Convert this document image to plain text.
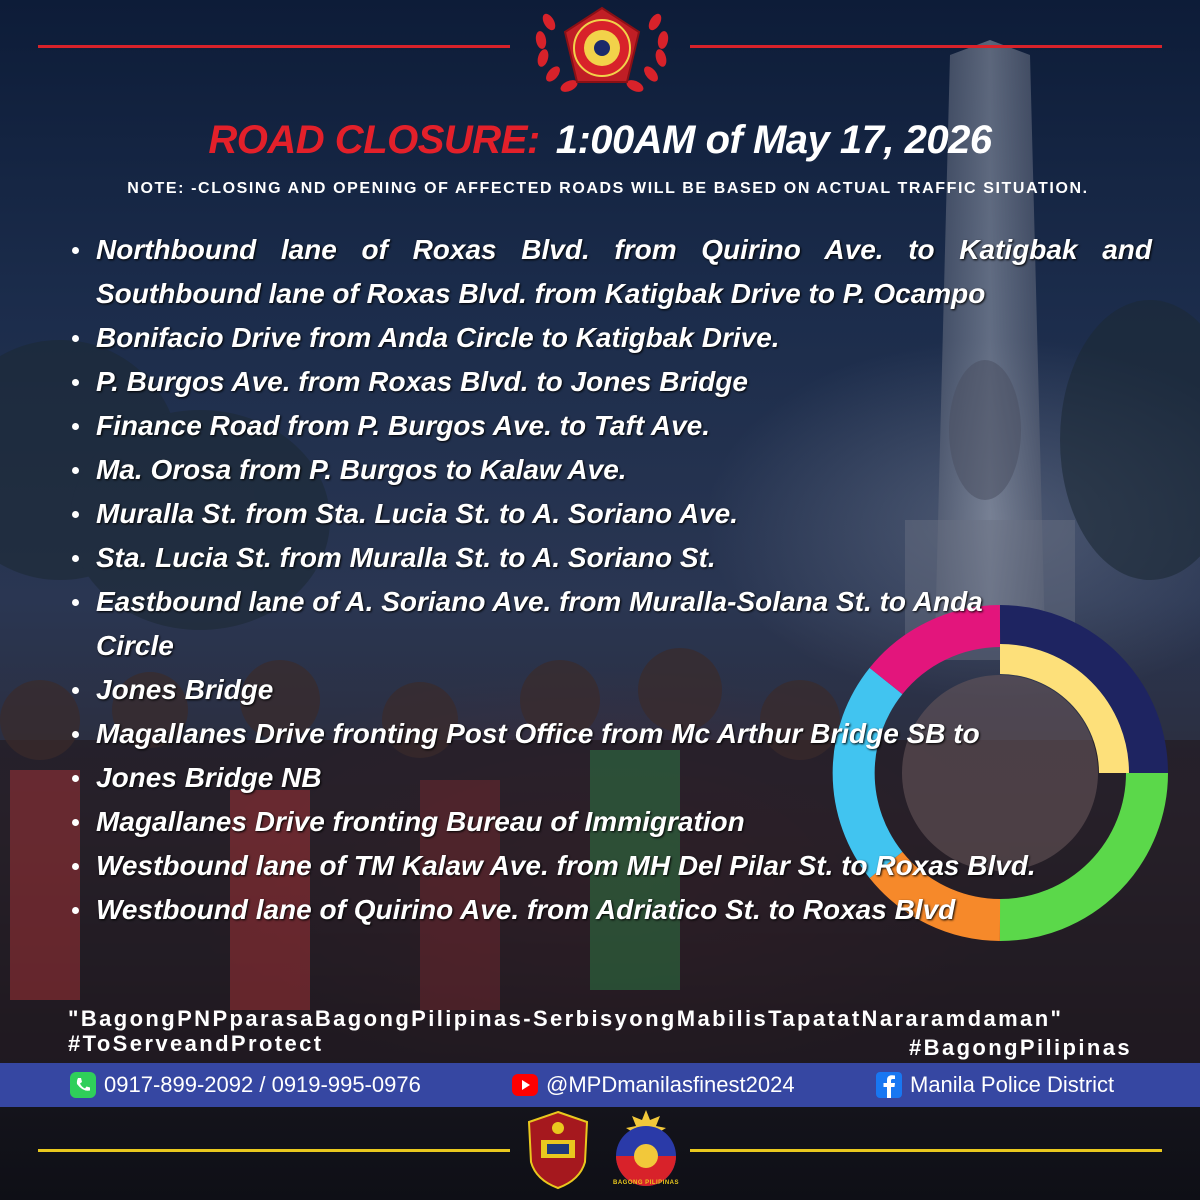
ROAD CLOSURE: 1:00AM of May 17, 2026
NOTE: -CLOSING AND OPENING OF AFFECTED ROADS WILL BE BASED ON ACTUAL TRAFFIC SITUATION.
Northbound lane of Roxas Blvd. from Quirino Ave. to Katigbak and Southbound lane of Roxas Blvd. from Katigbak Drive to P. Ocampo
Bonifacio Drive from Anda Circle to Katigbak Drive.
P. Burgos Ave. from Roxas Blvd. to Jones Bridge
Finance Road from P. Burgos Ave. to Taft Ave.
Ma. Orosa from P. Burgos to Kalaw Ave.
Muralla St. from Sta. Lucia St. to A. Soriano Ave.
Sta. Lucia St. from Muralla St. to A. Soriano St.
Eastbound lane of A. Soriano Ave. from Muralla-Solana St. to Anda Circle
Jones Bridge
Magallanes Drive fronting Post Office from Mc Arthur Bridge SB to
Jones Bridge NB
Magallanes Drive fronting Bureau of Immigration
Westbound lane of TM Kalaw Ave. from MH Del Pilar St. to Roxas Blvd.
Westbound lane of Quirino Ave. from Adriatico St. to Roxas Blvd
"BagongPNPparasaBagongPilipinas-SerbisyongMabilisTapatatNararamdaman"
#ToServeandProtect	#BagongPilipinas
0917-899-2092 / 0919-995-0976	@MPDmanilasfinest2024	Manila Police District
BAGONG PILIPINAS
